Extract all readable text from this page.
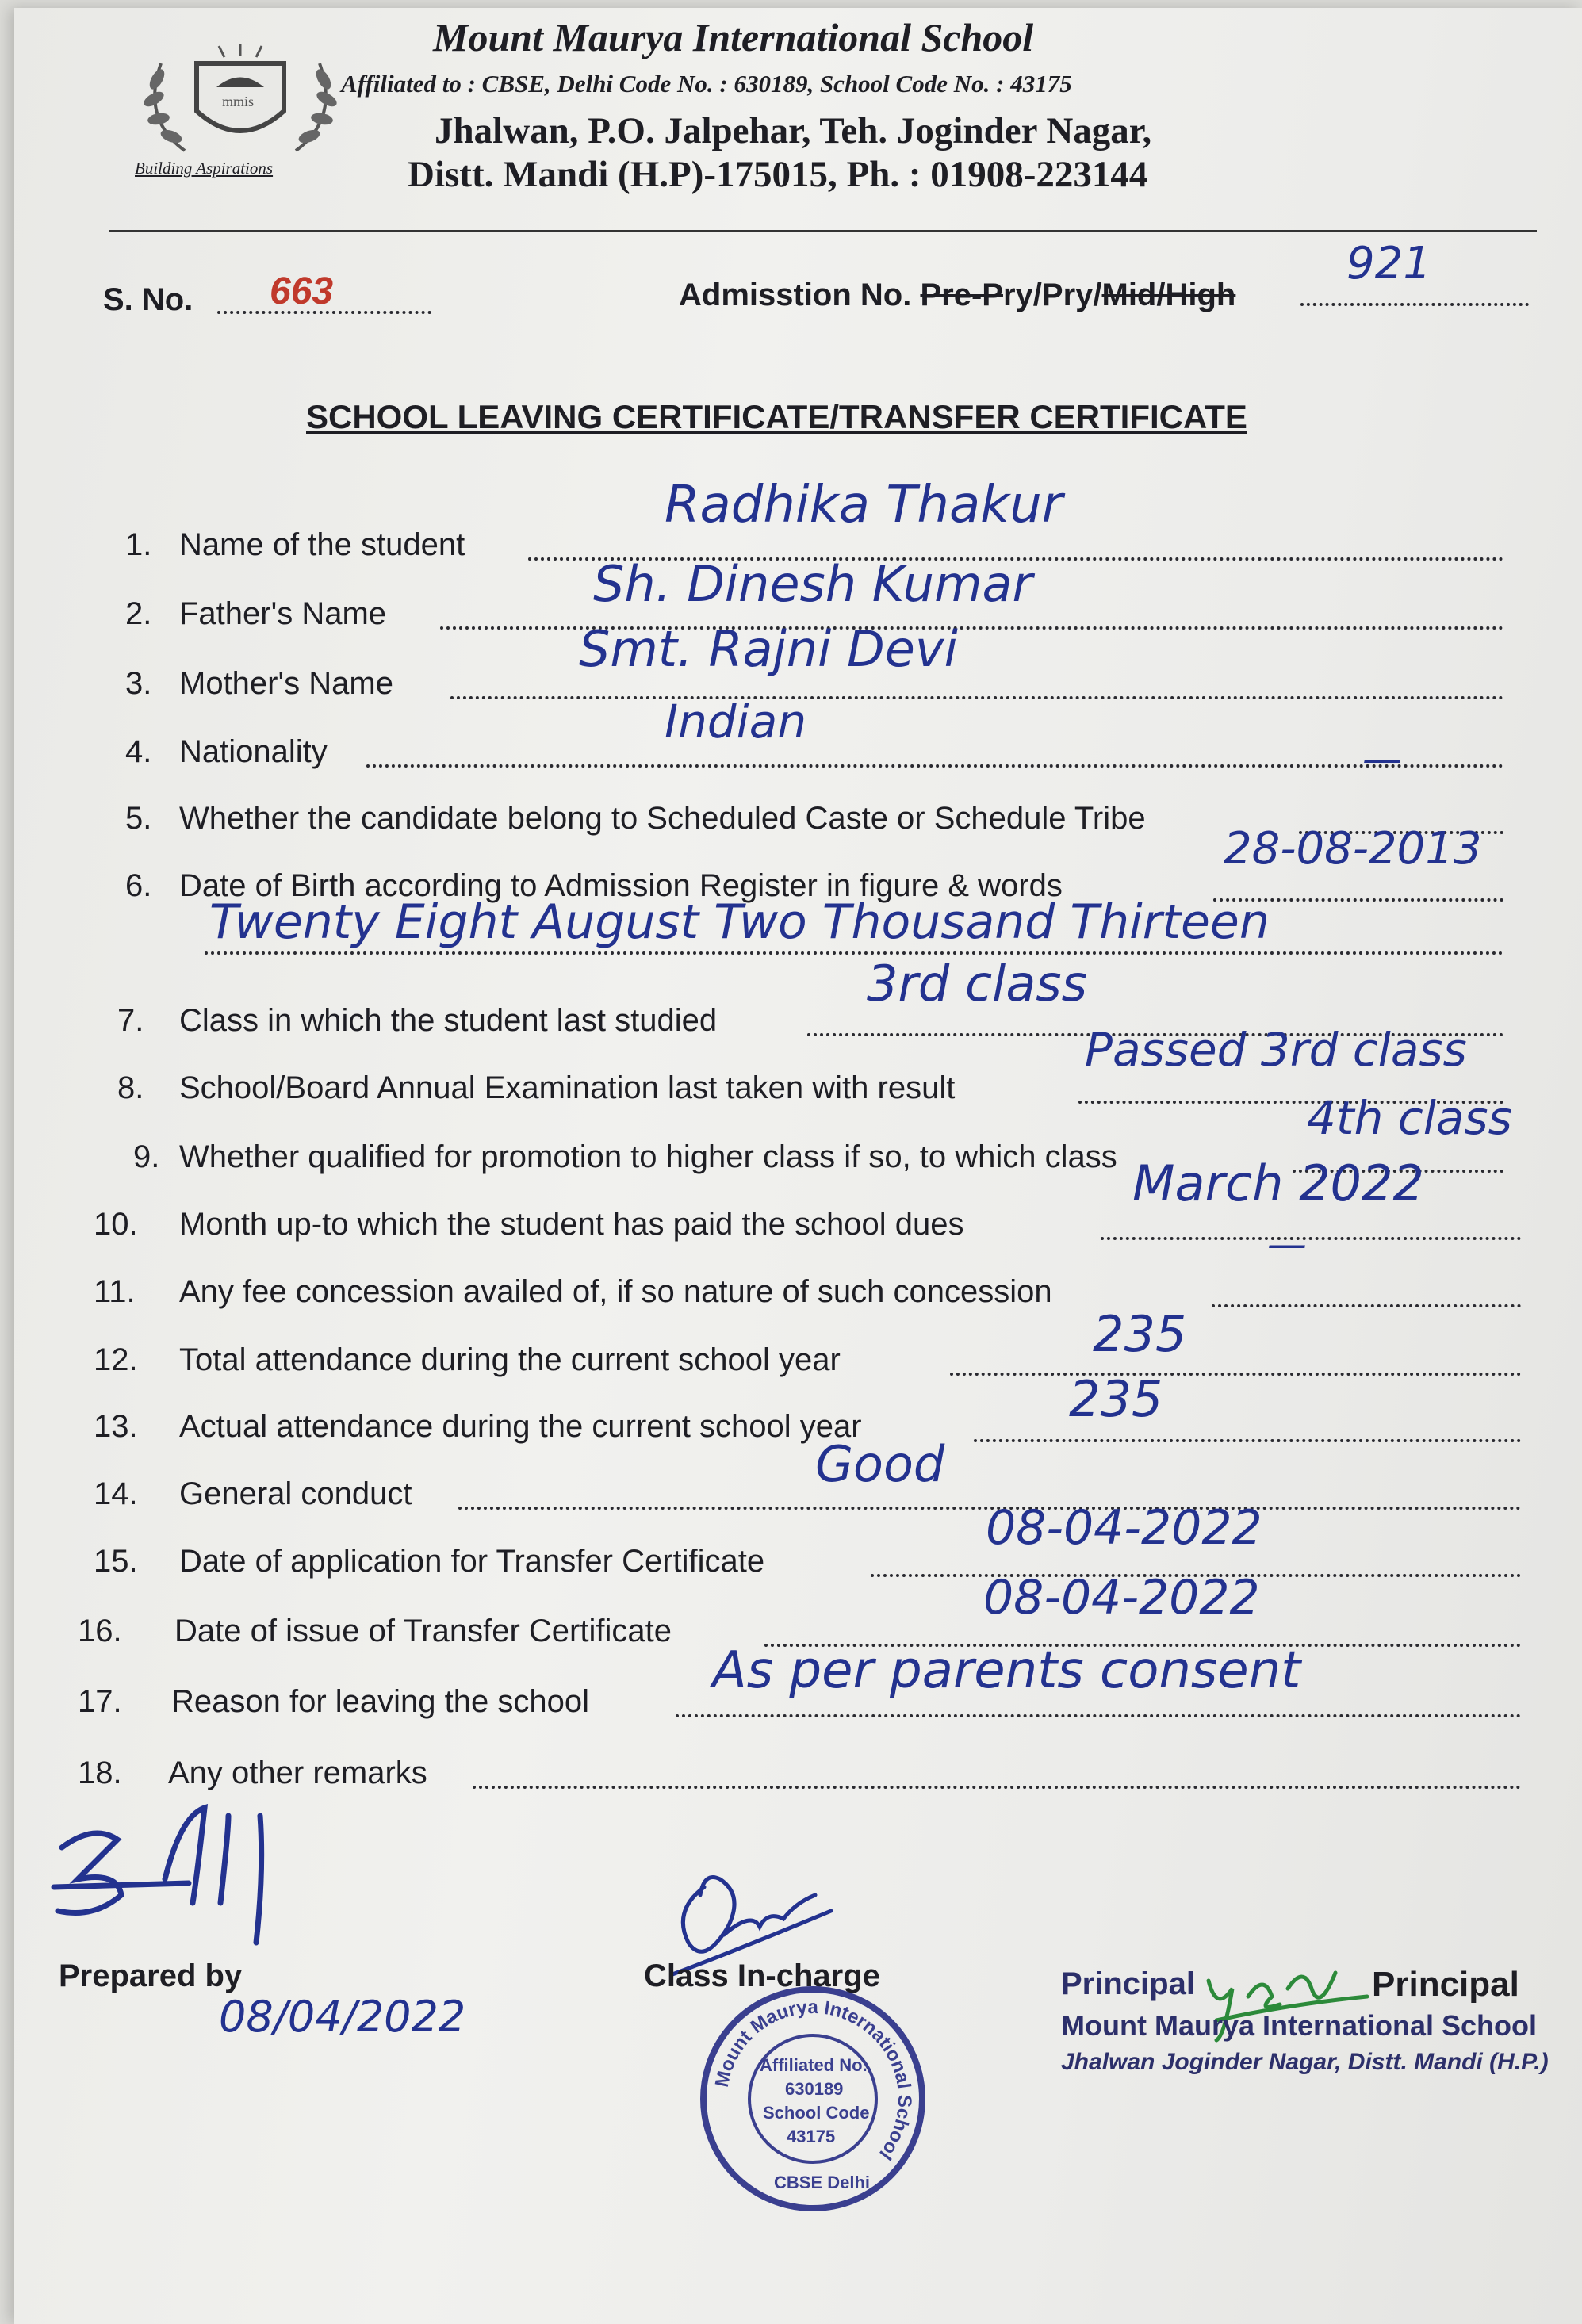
mmis
Building Aspirations
Mount Maurya International School
Affiliated to : CBSE, Delhi Code No. : 630189, School Code No. : 43175
Jhalwan, P.O. Jalpehar, Teh. Joginder Nagar,
Distt. Mandi (H.P)-175015, Ph. : 01908-223144
S. No. 663	Admisstion No. Pre-Pry/Pry/Mid/High
921
SCHOOL LEAVING CERTIFICATE/TRANSFER CERTIFICATE
1. Name of the student
Radhika Thakur
2. Father's Name
Sh. Dinesh Kumar
3. Mother's Name
Smt. Rajni Devi
4. Nationality
Indian
5. Whether the candidate belong to Scheduled Caste or Schedule Tribe
—
6. Date of Birth according to Admission Register in figure & words
28-08-2013
Twenty Eight August Two Thousand Thirteen
7. Class in which the student last studied
3rd class
8. School/Board Annual Examination last taken with result
Passed 3rd class
9. Whether qualified for promotion to higher class if so, to which class
4th class
10. Month up-to which the student has paid the school dues
March 2022
11. Any fee concession availed of, if so nature of such concession
—
12. Total attendance during the current school year	235
13. Actual attendance during the current school year	235
14. General conduct
Good
15. Date of application for Transfer Certificate
08-04-2022
16. Date of issue of Transfer Certificate
08-04-2022
17. Reason for leaving the school
As per parents consent
18. Any other remarks
Prepared by
08/04/2022
Class In-charge
Mount Maurya International School
Affiliated No.
630189
School Code
43175
CBSE Delhi
Principal	Principal
Mount Maurya International School
Jhalwan Joginder Nagar, Distt. Mandi (H.P.)
